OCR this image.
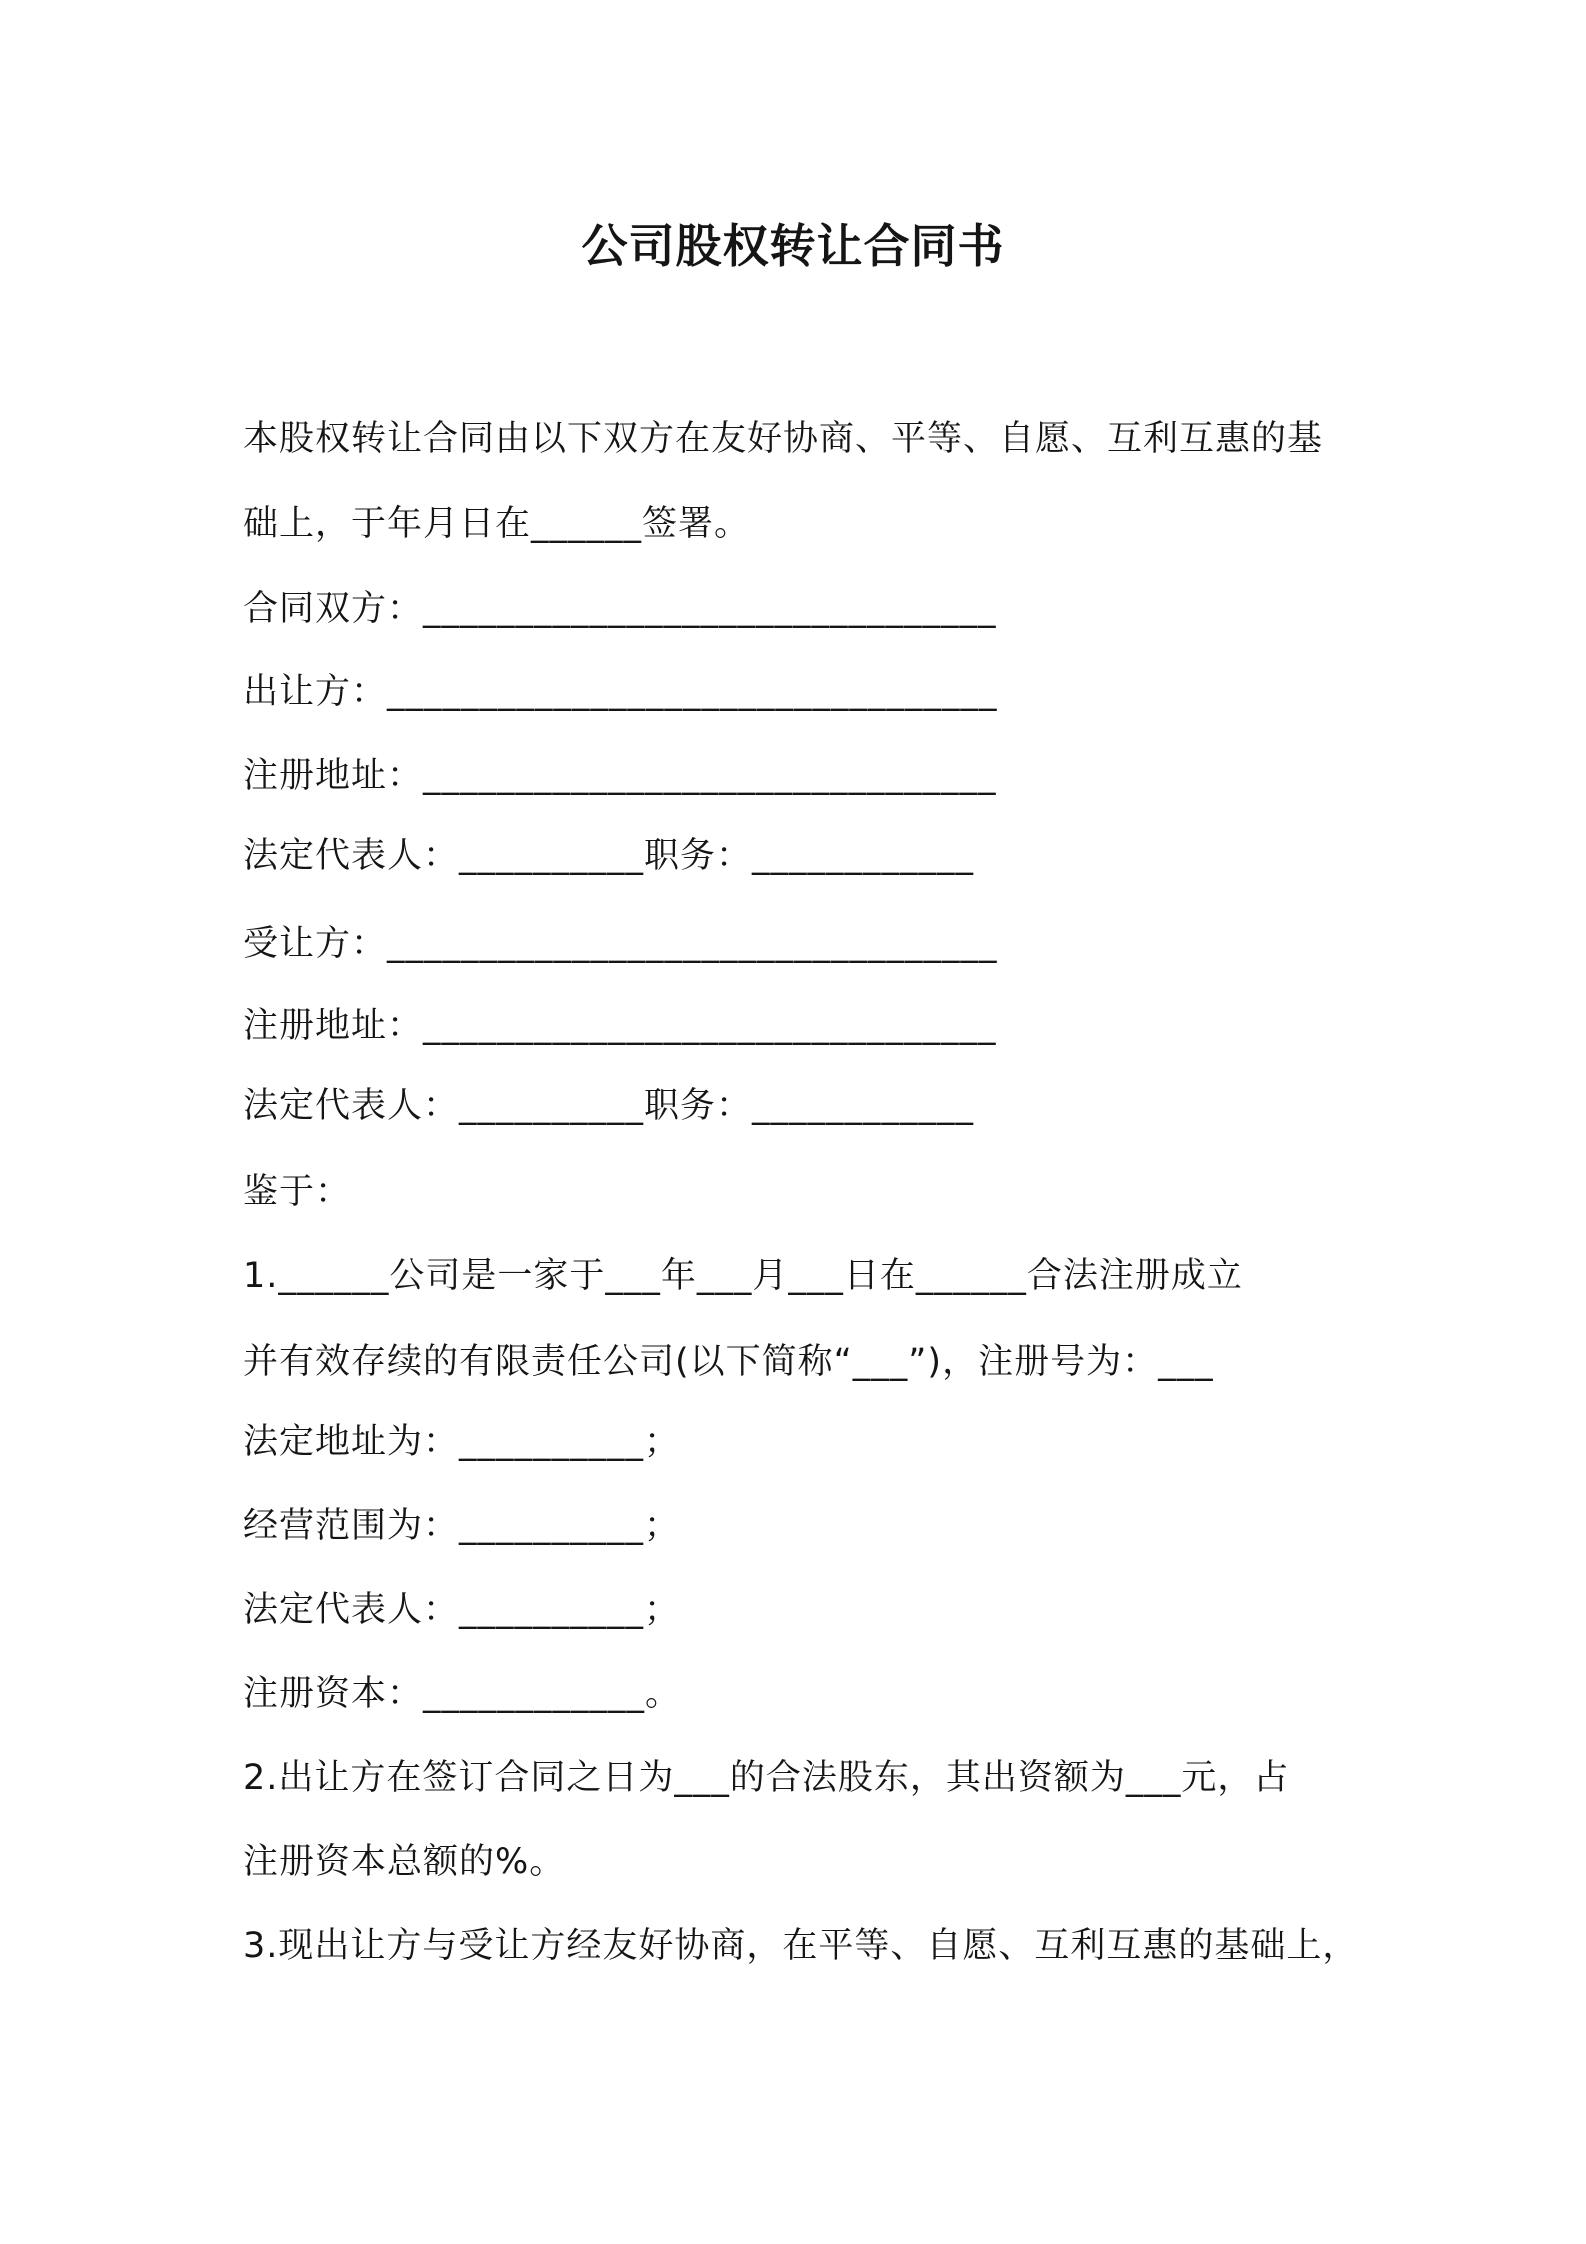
公司股权转让合同书
本股权转让合同由以下双方在友好协商、平等、自愿、互利互惠的基
础上，于年月日在______签署。
合同双方：_______________________________
出让方：_________________________________
注册地址：_______________________________
法定代表人：__________职务：____________
受让方：_________________________________
注册地址：_______________________________
法定代表人：__________职务：____________
鉴于：
1.______公司是一家于___年___月___日在______合法注册成立
并有效存续的有限责任公司(以下简称“___”)，注册号为：___
法定地址为：__________；
经营范围为：__________；
法定代表人：__________；
注册资本：____________。
2.出让方在签订合同之日为___的合法股东，其出资额为___元，占
注册资本总额的%。
3.现出让方与受让方经友好协商，在平等、自愿、互利互惠的基础上，
